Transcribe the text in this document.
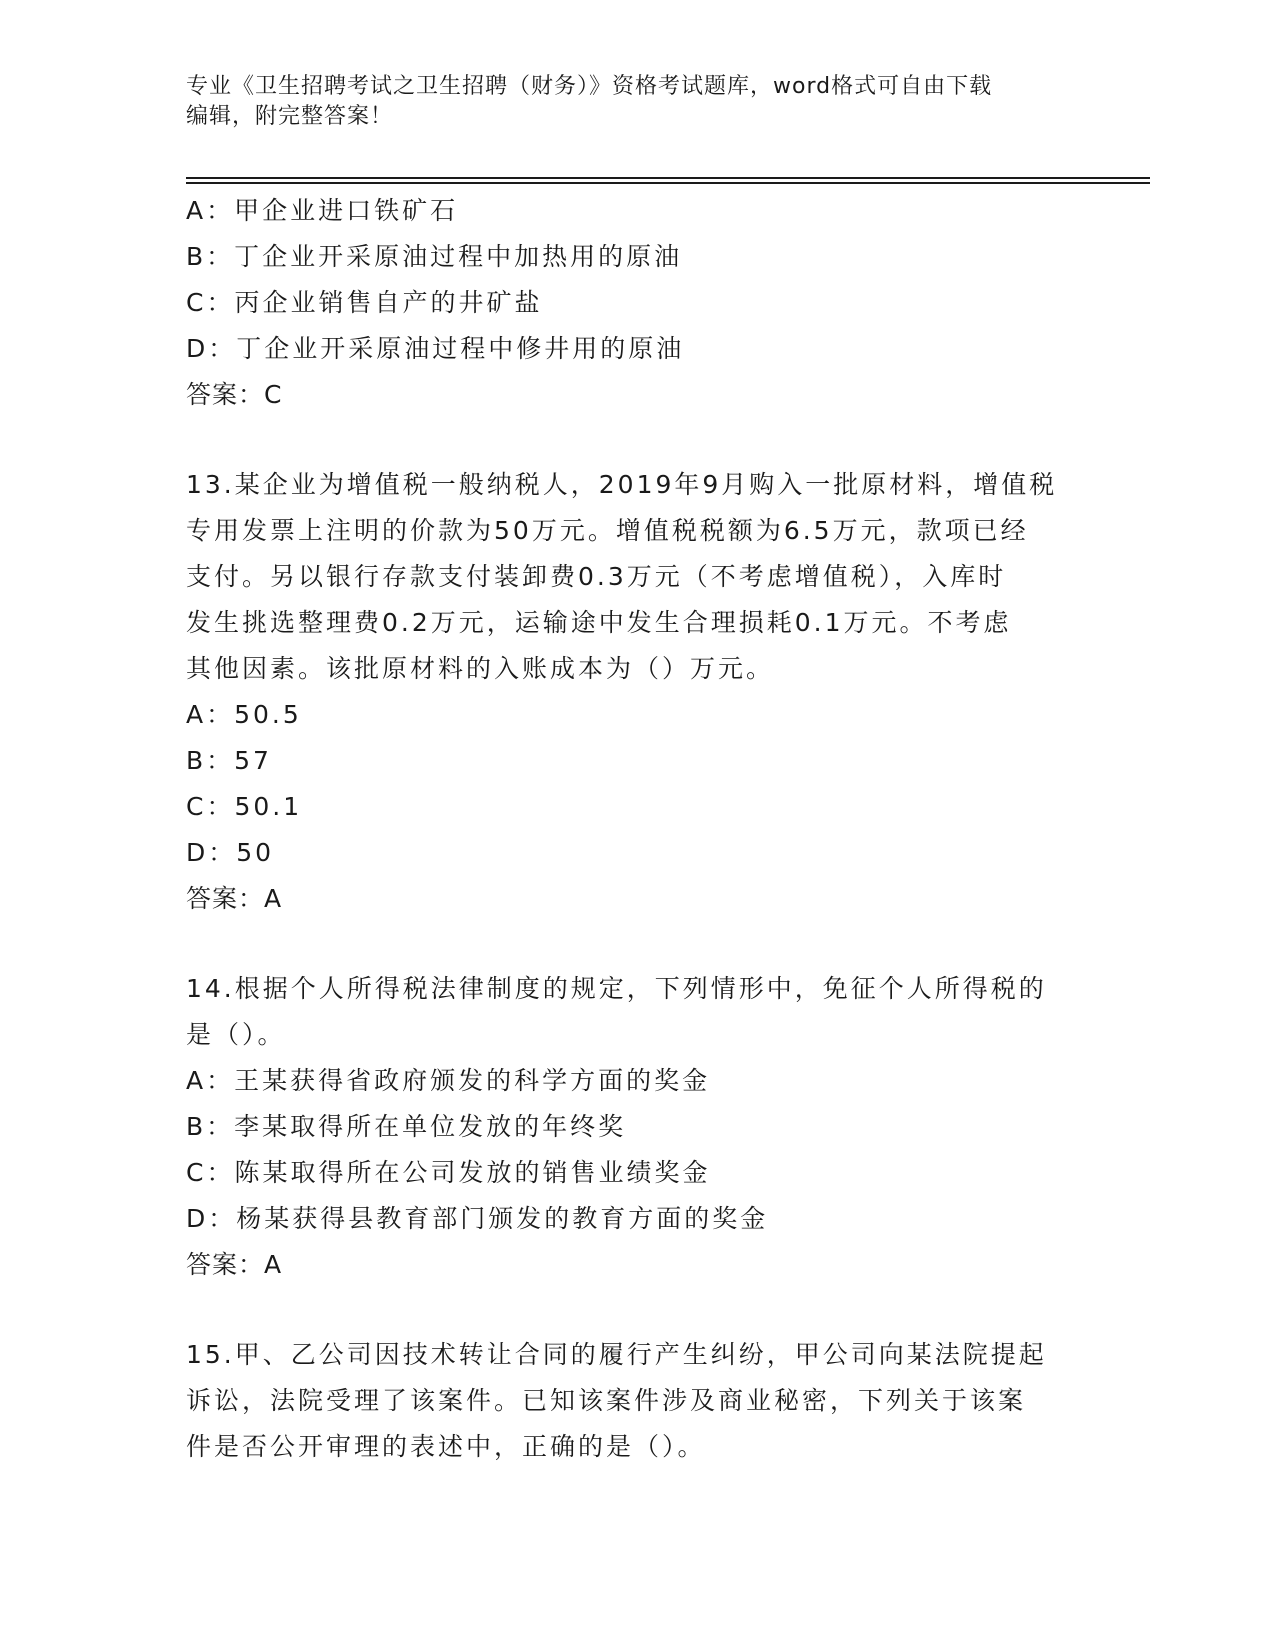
专业《卫生招聘考试之卫生招聘（财务）》资格考试题库，word格式可自由下载
编辑，附完整答案！
A：甲企业进口铁矿石
B：丁企业开采原油过程中加热用的原油
C：丙企业销售自产的井矿盐
D：丁企业开采原油过程中修井用的原油
答案：C
13.某企业为增值税一般纳税人，2019年9月购入一批原材料，增值税
专用发票上注明的价款为50万元。增值税税额为6.5万元，款项已经
支付。另以银行存款支付装卸费0.3万元（不考虑增值税），入库时
发生挑选整理费0.2万元，运输途中发生合理损耗0.1万元。不考虑
其他因素。该批原材料的入账成本为（）万元。
A：50.5
B：57
C：50.1
D：50
答案：A
14.根据个人所得税法律制度的规定，下列情形中，免征个人所得税的
是（）。
A：王某获得省政府颁发的科学方面的奖金
B：李某取得所在单位发放的年终奖
C：陈某取得所在公司发放的销售业绩奖金
D：杨某获得县教育部门颁发的教育方面的奖金
答案：A
15.甲、乙公司因技术转让合同的履行产生纠纷，甲公司向某法院提起
诉讼，法院受理了该案件。已知该案件涉及商业秘密，下列关于该案
件是否公开审理的表述中，正确的是（）。
